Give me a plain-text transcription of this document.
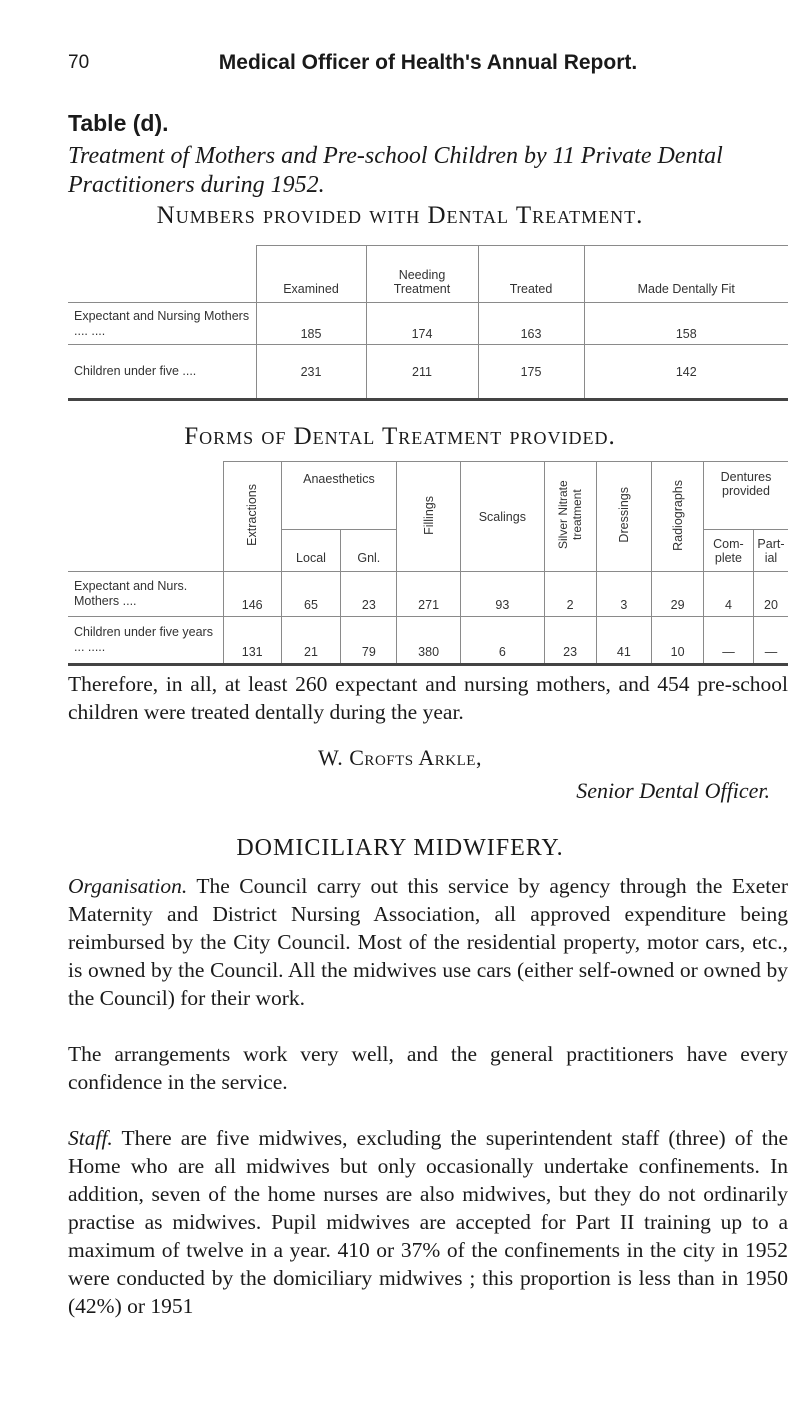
70	Medical Officer of Health's Annual Report.
Table (d).
Treatment of Mothers and Pre-school Children by 11 Private Dental Practitioners during 1952.
Numbers provided with Dental Treatment.
	Examined	Needing Treatment	Treated	Made Dentally Fit
Expectant and Nursing Mothers .... ....	185	174	163	158
Children under five ....	231	211	175	142
Forms of Dental Treatment provided.
	Extractions	Anaesthetics		Fillings	Scalings	Silver Nitrate treatment	Dressings	Radiographs	Dentures provided	
		Local	Gnl.						Com- plete	Part- ial
Expectant and Nurs. Mothers ....	146	65	23	271	93	2	3	29	4	20
Children under five years ... .....	131	21	79	380	6	23	41	10	—	—
Therefore, in all, at least 260 expectant and nursing mothers, and 454 pre-school children were treated dentally during the year.
W. Crofts Arkle,
Senior Dental Officer.
DOMICILIARY MIDWIFERY.
Organisation. The Council carry out this service by agency through the Exeter Maternity and District Nursing Association, all approved expenditure being reimbursed by the City Council. Most of the residential property, motor cars, etc., is owned by the Council. All the midwives use cars (either self-owned or owned by the Council) for their work.
The arrangements work very well, and the general practitioners have every confidence in the service.
Staff. There are five midwives, excluding the superintendent staff (three) of the Home who are all midwives but only occasionally undertake confinements. In addition, seven of the home nurses are also midwives, but they do not ordinarily practise as midwives. Pupil midwives are accepted for Part II training up to a maximum of twelve in a year. 410 or 37% of the confinements in the city in 1952 were conducted by the domiciliary midwives ; this proportion is less than in 1950 (42%) or 1951
